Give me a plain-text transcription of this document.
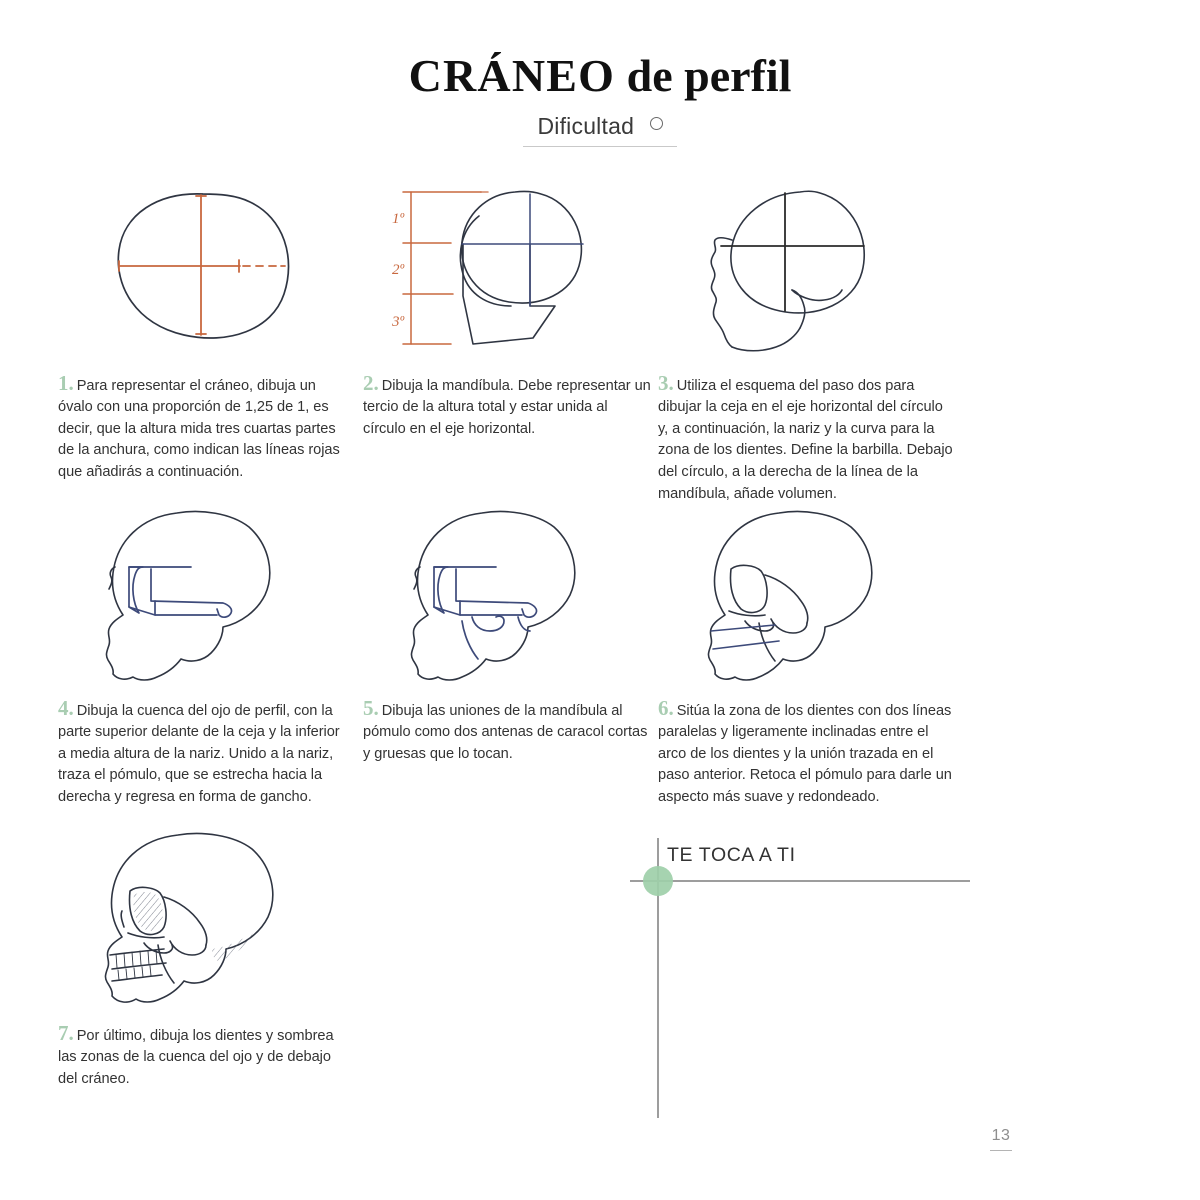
CRÁNEO de perfil
Dificultad

1. Para representar el cráneo, dibuja un óvalo con una proporción de 1,25 de 1, es decir, que la altura mida tres cuartas partes de la anchura, como indican las líneas rojas que añadirás a continuación.

1º
2º
3º

2. Dibuja la mandíbula. Debe representar un tercio de la altura total y estar unida al círculo en el eje horizontal.

3. Utiliza el esquema del paso dos para dibujar la ceja en el eje horizontal del círculo y, a continuación, la nariz y la curva para la zona de los dientes. Define la barbilla. Debajo del círculo, a la derecha de la línea de la mandíbula, añade volumen.

4. Dibuja la cuenca del ojo de perfil, con la parte superior delante de la ceja y la inferior a media altura de la nariz. Unido a la nariz, traza el pómulo, que se estrecha hacia la derecha y regresa en forma de gancho.

5. Dibuja las uniones de la mandíbula al pómulo como dos antenas de caracol cortas y gruesas que lo tocan.

6. Sitúa la zona de los dientes con dos líneas paralelas y ligeramente inclinadas entre el arco de los dientes y la unión trazada en el paso anterior. Retoca el pómulo para darle un aspecto más suave y redondeado.

7. Por último, dibuja los dientes y sombrea las zonas de la cuenca del ojo y de debajo del cráneo.

TE TOCA A TI
13
